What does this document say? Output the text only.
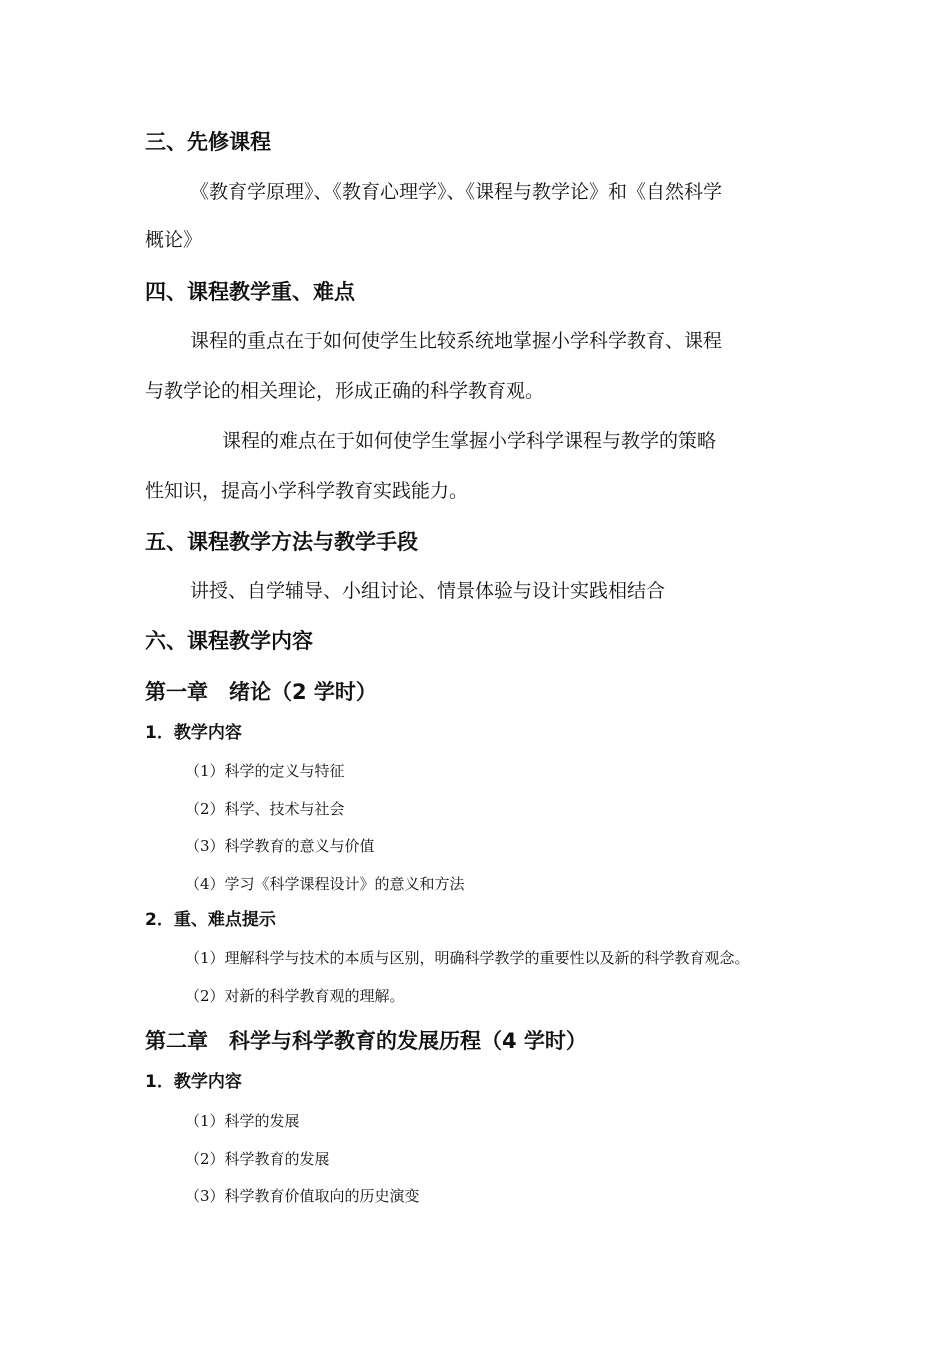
三、先修课程
《教育学原理》、《教育心理学》、《课程与教学论》和《自然科学
概论》
四、课程教学重、难点
课程的重点在于如何使学生比较系统地掌握小学科学教育、课程
与教学论的相关理论，形成正确的科学教育观。
课程的难点在于如何使学生掌握小学科学课程与教学的策略
性知识，提高小学科学教育实践能力。
五、课程教学方法与教学手段
讲授、自学辅导、小组讨论、情景体验与设计实践相结合
六、课程教学内容
第一章　绪论（2 学时）
1．教学内容
（1）科学的定义与特征
（2）科学、技术与社会
（3）科学教育的意义与价值
（4）学习《科学课程设计》的意义和方法
2．重、难点提示
（1）理解科学与技术的本质与区别，明确科学教学的重要性以及新的科学教育观念。
（2）对新的科学教育观的理解。
第二章　科学与科学教育的发展历程（4 学时）
1．教学内容
（1）科学的发展
（2）科学教育的发展
（3）科学教育价值取向的历史演变
